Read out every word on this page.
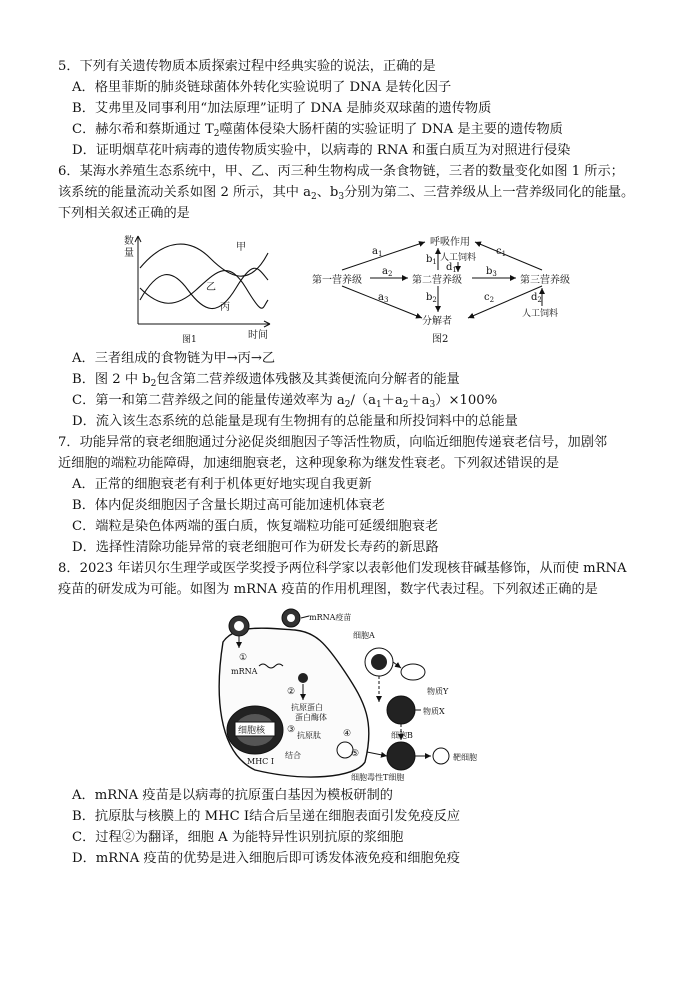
5．下列有关遗传物质本质探索过程中经典实验的说法，正确的是
A．格里菲斯的肺炎链球菌体外转化实验说明了 DNA 是转化因子
B．艾弗里及同事利用“加法原理”证明了 DNA 是肺炎双球菌的遗传物质
C．赫尔希和蔡斯通过 $T_2$噬菌体侵染大肠杆菌的实验证明了 DNA 是主要的遗传物质
D．证明烟草花叶病毒的遗传物质实验中，以病毒的 RNA 和蛋白质互为对照进行侵染
6．某海水养殖生态系统中，甲、乙、丙三种生物构成一条食物链，三者的数量变化如图 1 所示；
该系统的能量流动关系如图 2 所示，其中 $a_2$、$b_3$分别为第二、三营养级从上一营养级同化的能量。
下列相关叙述正确的是
数
量
甲
乙
丙
时间
图1
呼吸作用
第一营养级	第二营养级	第三营养级
分解者
人工饲料
人工饲料
$a_1$
$a_2$
$a_3$
$b_1$
$b_2$
$b_3$
$c_1$
$c_2$
$d_1$
$d_2$
图2
A．三者组成的食物链为甲→丙→乙
B．图 2 中 $b_2$包含第二营养级遗体残骸及其粪便流向分解者的能量
C．第一和第二营养级之间的能量传递效率为 $a_2/(a_1+a_2+a_3)\times 100\%$
D．流入该生态系统的总能量是现有生物拥有的总能量和所投饲料中的总能量
7．功能异常的衰老细胞通过分泌促炎细胞因子等活性物质，向临近细胞传递衰老信号，加剧邻
近细胞的端粒功能障碍，加速细胞衰老，这种现象称为继发性衰老。下列叙述错误的是
A．正常的细胞衰老有利于机体更好地实现自我更新
B．体内促炎细胞因子含量长期过高可能加速机体衰老
C．端粒是染色体两端的蛋白质，恢复端粒功能可延缓细胞衰老
D．选择性清除功能异常的衰老细胞可作为研发长寿药的新思路
8．2023 年诺贝尔生理学或医学奖授予两位科学家以表彰他们发现核苷碱基修饰，从而使 mRNA
疫苗的研发成为可能。如图为 mRNA 疫苗的作用机理图，数字代表过程。下列叙述正确的是
细胞核
mRNA疫苗
①
mRNA
②
抗原蛋白
蛋白酶体
③
抗原肽
结合
MHC Ⅰ
④
⑤
细胞A
物质Y
细胞B
物质X
细胞毒性T细胞
靶细胞
A．mRNA 疫苗是以病毒的抗原蛋白基因为模板研制的
B．抗原肽与核膜上的 MHC Ⅰ结合后呈递在细胞表面引发免疫反应
C．过程②为翻译，细胞 A 为能特异性识别抗原的浆细胞
D．mRNA 疫苗的优势是进入细胞后即可诱发体液免疫和细胞免疫
